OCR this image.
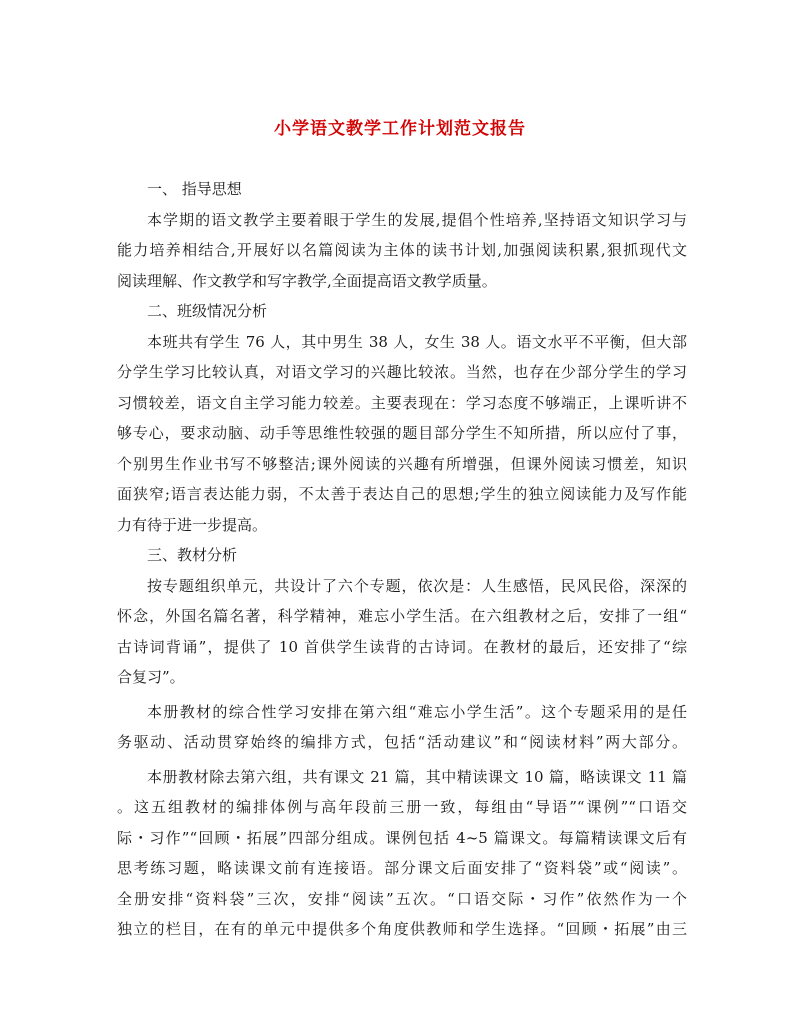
小学语文教学工作计划范文报告
一、 指导思想
本学期的语文教学主要着眼于学生的发展,提倡个性培养,坚持语文知识学习与
能力培养相结合,开展好以名篇阅读为主体的读书计划,加强阅读积累,狠抓现代文
阅读理解、作文教学和写字教学,全面提高语文教学质量。
二、班级情况分析
本班共有学生 76 人，其中男生 38 人，女生 38 人。语文水平不平衡，但大部
分学生学习比较认真，对语文学习的兴趣比较浓。当然，也存在少部分学生的学习
习惯较差，语文自主学习能力较差。主要表现在：学习态度不够端正，上课听讲不
够专心，要求动脑、动手等思维性较强的题目部分学生不知所措，所以应付了事，
个别男生作业书写不够整洁;课外阅读的兴趣有所增强，但课外阅读习惯差，知识
面狭窄;语言表达能力弱，不太善于表达自己的思想;学生的独立阅读能力及写作能
力有待于进一步提高。
三、教材分析
按专题组织单元，共设计了六个专题，依次是：人生感悟，民风民俗，深深的
怀念，外国名篇名著，科学精神，难忘小学生活。在六组教材之后，安排了一组“
古诗词背诵”，提供了 10 首供学生读背的古诗词。在教材的最后，还安排了“综
合复习”。
本册教材的综合性学习安排在第六组“难忘小学生活”。这个专题采用的是任
务驱动、活动贯穿始终的编排方式，包括“活动建议”和“阅读材料”两大部分。
本册教材除去第六组，共有课文 21 篇，其中精读课文 10 篇，略读课文 11 篇
。这五组教材的编排体例与高年段前三册一致，每组由“导语”“课例”“口语交
际・习作”“回顾・拓展”四部分组成。课例包括 4~5 篇课文。每篇精读课文后有
思考练习题，略读课文前有连接语。部分课文后面安排了“资料袋”或“阅读”。
全册安排“资料袋”三次，安排“阅读”五次。“口语交际・习作”依然作为一个
独立的栏目，在有的单元中提供多个角度供教师和学生选择。“回顾・拓展”由三
